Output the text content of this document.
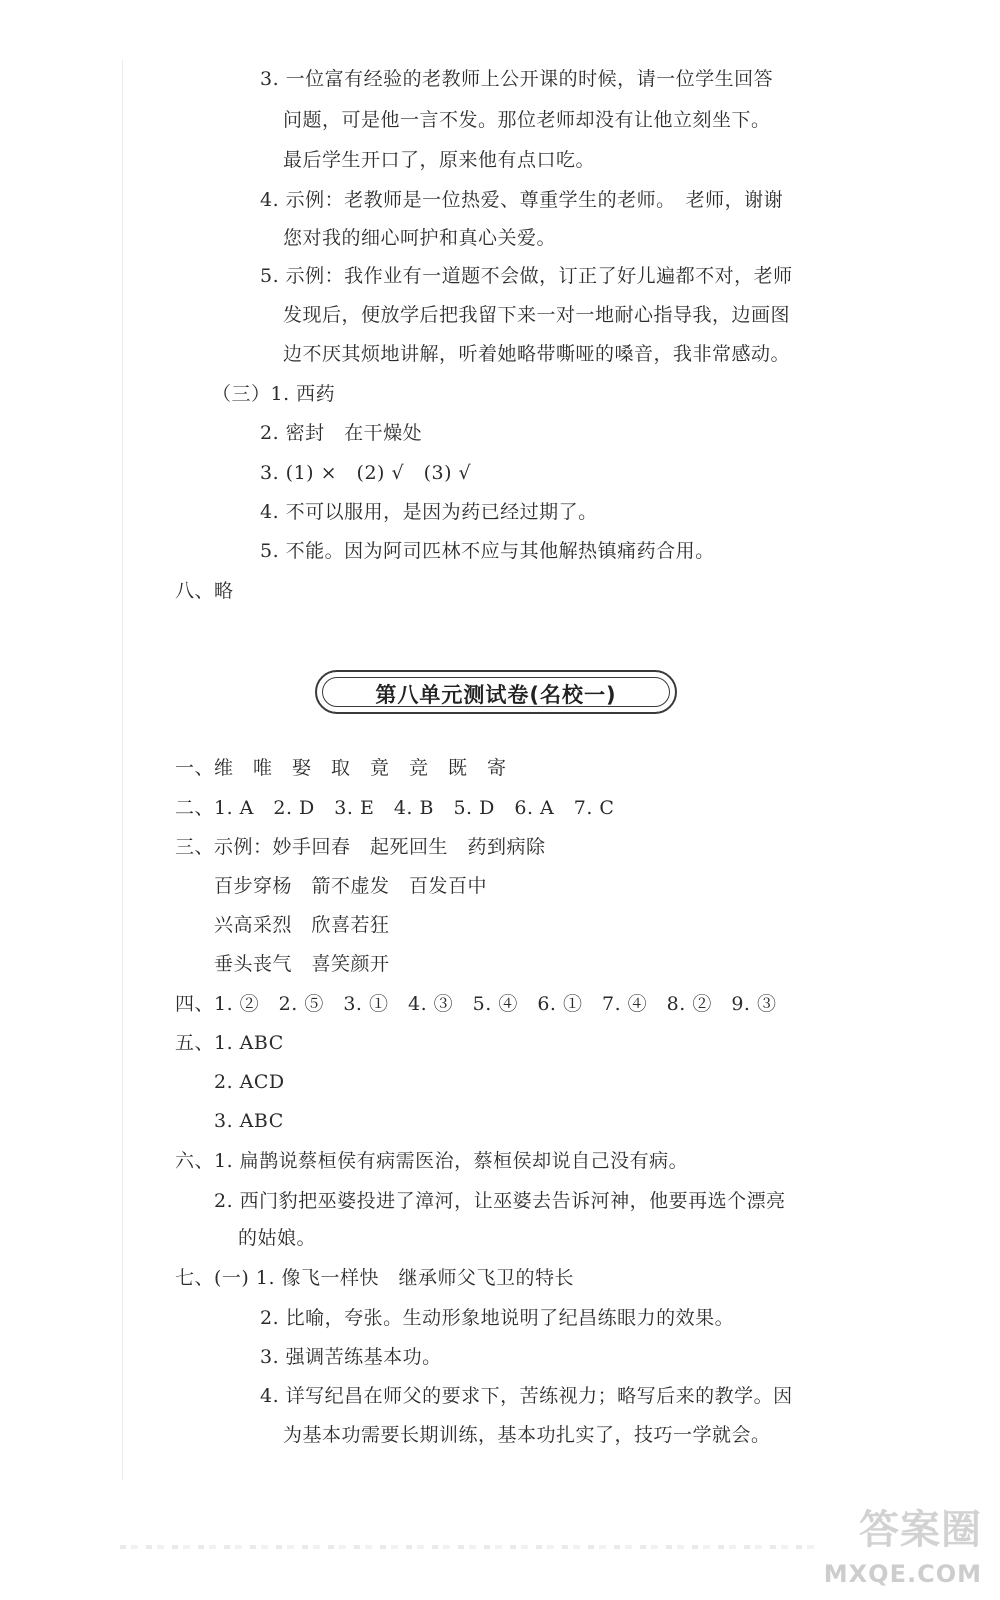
3. 一位富有经验的老教师上公开课的时候，请一位学生回答
问题，可是他一言不发。那位老师却没有让他立刻坐下。
最后学生开口了，原来他有点口吃。
4. 示例：老教师是一位热爱、尊重学生的老师。　老师，谢谢
您对我的细心呵护和真心关爱。
5. 示例：我作业有一道题不会做，订正了好儿遍都不对，老师
发现后，便放学后把我留下来一对一地耐心指导我，边画图
边不厌其烦地讲解，听着她略带嘶哑的嗓音，我非常感动。
（三）1. 西药
2. 密封　在干燥处
3. (1) ×　(2) √　(3) √
4. 不可以服用，是因为药已经过期了。
5. 不能。因为阿司匹林不应与其他解热镇痛药合用。
八、略
第八单元测试卷(名校一)
一、维　唯　娶　取　竟　竞　既　寄
二、1. A　2. D　3. E　4. B　5. D　6. A　7. C
三、示例：妙手回春　起死回生　药到病除
百步穿杨　箭不虚发　百发百中
兴高采烈　欣喜若狂
垂头丧气　喜笑颜开
四、1. ②　2. ⑤　3. ①　4. ③　5. ④　6. ①　7. ④　8. ②　9. ③
五、1. ABC
2. ACD
3. ABC
六、1. 扁鹊说蔡桓侯有病需医治，蔡桓侯却说自己没有病。
2. 西门豹把巫婆投进了漳河，让巫婆去告诉河神，他要再选个漂亮
的姑娘。
七、(一) 1. 像飞一样快　继承师父飞卫的特长
2. 比喻，夸张。生动形象地说明了纪昌练眼力的效果。
3. 强调苦练基本功。
4. 详写纪昌在师父的要求下，苦练视力；略写后来的教学。因
为基本功需要长期训练，基本功扎实了，技巧一学就会。
答案圈
MXQE.COM
